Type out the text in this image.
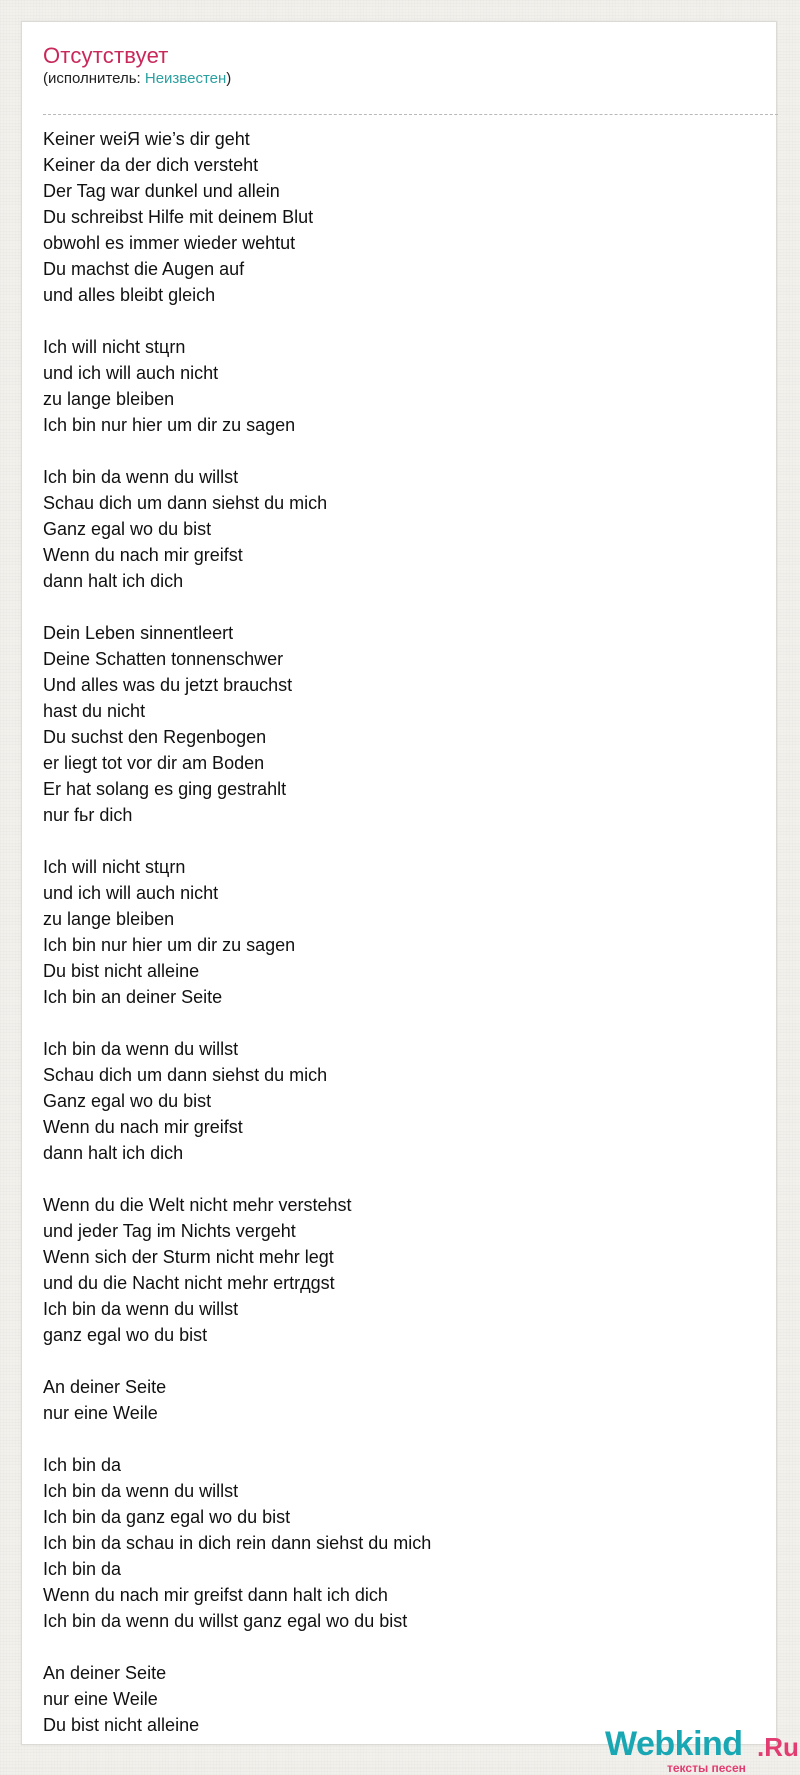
Отсутствует
(исполнитель: Неизвестен)
Keiner weiЯ wie’s dir geht
Keiner da der dich versteht
Der Tag war dunkel und allein
Du schreibst Hilfe mit deinem Blut
obwohl es immer wieder wehtut
Du machst die Augen auf
und alles bleibt gleich
Ich will nicht stцrn
und ich will auch nicht
zu lange bleiben
Ich bin nur hier um dir zu sagen
Ich bin da wenn du willst
Schau dich um dann siehst du mich
Ganz egal wo du bist
Wenn du nach mir greifst
dann halt ich dich
Dein Leben sinnentleert
Deine Schatten tonnenschwer
Und alles was du jetzt brauchst
hast du nicht
Du suchst den Regenbogen
er liegt tot vor dir am Boden
Er hat solang es ging gestrahlt
nur fьr dich
Ich will nicht stцrn
und ich will auch nicht
zu lange bleiben
Ich bin nur hier um dir zu sagen
Du bist nicht alleine
Ich bin an deiner Seite
Ich bin da wenn du willst
Schau dich um dann siehst du mich
Ganz egal wo du bist
Wenn du nach mir greifst
dann halt ich dich
Wenn du die Welt nicht mehr verstehst
und jeder Tag im Nichts vergeht
Wenn sich der Sturm nicht mehr legt
und du die Nacht nicht mehr ertrдgst
Ich bin da wenn du willst
ganz egal wo du bist
An deiner Seite
nur eine Weile
Ich bin da
Ich bin da wenn du willst
Ich bin da ganz egal wo du bist
Ich bin da schau in dich rein dann siehst du mich
Ich bin da
Wenn du nach mir greifst dann halt ich dich
Ich bin da wenn du willst ganz egal wo du bist
An deiner Seite
nur eine Weile
Du bist nicht alleine	Webkind .Ru
тексты песен
